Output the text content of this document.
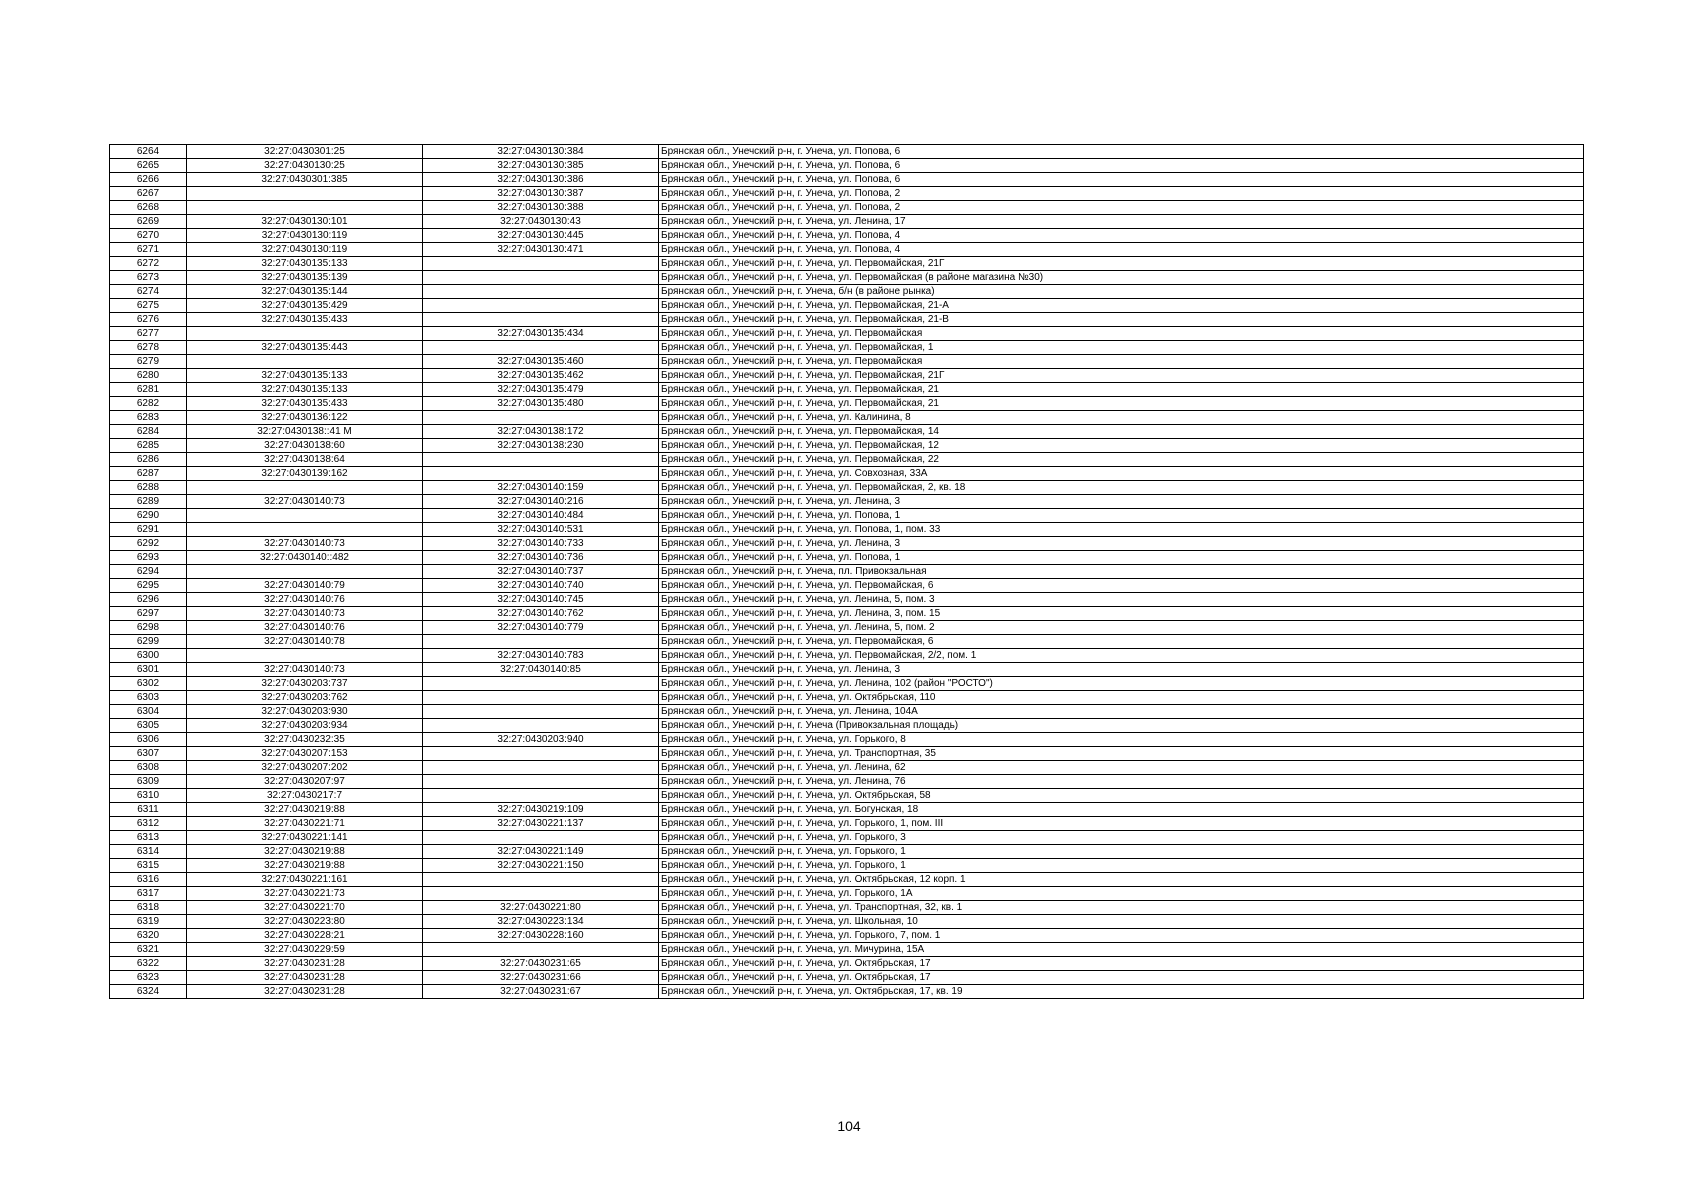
6264	32:27:0430301:25	32:27:0430130:384	Брянская обл., Унечский р-н, г. Унеча, ул. Попова, 6
6265	32:27:0430130:25	32:27:0430130:385	Брянская обл., Унечский р-н, г. Унеча, ул. Попова, 6
6266	32:27:0430301:385	32:27:0430130:386	Брянская обл., Унечский р-н, г. Унеча, ул. Попова, 6
6267		32:27:0430130:387	Брянская обл., Унечский р-н, г. Унеча, ул. Попова, 2
6268		32:27:0430130:388	Брянская обл., Унечский р-н, г. Унеча, ул. Попова, 2
6269	32:27:0430130:101	32:27:0430130:43	Брянская обл., Унечский р-н, г. Унеча, ул. Ленина, 17
6270	32:27:0430130:119	32:27:0430130:445	Брянская обл., Унечский р-н, г. Унеча, ул. Попова, 4
6271	32:27:0430130:119	32:27:0430130:471	Брянская обл., Унечский р-н, г. Унеча, ул. Попова, 4
6272	32:27:0430135:133		Брянская обл., Унечский р-н, г. Унеча, ул. Первомайская, 21Г
6273	32:27:0430135:139		Брянская обл., Унечский р-н, г. Унеча, ул. Первомайская (в районе магазина №30)
6274	32:27:0430135:144		Брянская обл., Унечский р-н, г. Унеча, б/н (в районе рынка)
6275	32:27:0430135:429		Брянская обл., Унечский р-н, г. Унеча, ул. Первомайская, 21-А
6276	32:27:0430135:433		Брянская обл., Унечский р-н, г. Унеча, ул. Первомайская, 21-В
6277		32:27:0430135:434	Брянская обл., Унечский р-н, г. Унеча, ул. Первомайская
6278	32:27:0430135:443		Брянская обл., Унечский р-н, г. Унеча, ул. Первомайская, 1
6279		32:27:0430135:460	Брянская обл., Унечский р-н, г. Унеча, ул. Первомайская
6280	32:27:0430135:133	32:27:0430135:462	Брянская обл., Унечский р-н, г. Унеча, ул. Первомайская, 21Г
6281	32:27:0430135:133	32:27:0430135:479	Брянская обл., Унечский р-н, г. Унеча, ул. Первомайская, 21
6282	32:27:0430135:433	32:27:0430135:480	Брянская обл., Унечский р-н, г. Унеча, ул. Первомайская, 21
6283	32:27:0430136:122		Брянская обл., Унечский р-н, г. Унеча, ул. Калинина, 8
6284	32:27:0430138::41 М	32:27:0430138:172	Брянская обл., Унечский р-н, г. Унеча, ул. Первомайская, 14
6285	32:27:0430138:60	32:27:0430138:230	Брянская обл., Унечский р-н, г. Унеча, ул. Первомайская, 12
6286	32:27:0430138:64		Брянская обл., Унечский р-н, г. Унеча, ул. Первомайская, 22
6287	32:27:0430139:162		Брянская обл., Унечский р-н, г. Унеча, ул. Совхозная, 33А
6288		32:27:0430140:159	Брянская обл., Унечский р-н, г. Унеча, ул. Первомайская, 2, кв. 18
6289	32:27:0430140:73	32:27:0430140:216	Брянская обл., Унечский р-н, г. Унеча, ул. Ленина, 3
6290		32:27:0430140:484	Брянская обл., Унечский р-н, г. Унеча, ул. Попова, 1
6291		32:27:0430140:531	Брянская обл., Унечский р-н, г. Унеча, ул. Попова, 1, пом. 33
6292	32:27:0430140:73	32:27:0430140:733	Брянская обл., Унечский р-н, г. Унеча, ул. Ленина, 3
6293	32:27:0430140::482	32:27:0430140:736	Брянская обл., Унечский р-н, г. Унеча, ул. Попова, 1
6294		32:27:0430140:737	Брянская обл., Унечский р-н, г. Унеча, пл. Привокзальная
6295	32:27:0430140:79	32:27:0430140:740	Брянская обл., Унечский р-н, г. Унеча, ул. Первомайская, 6
6296	32:27:0430140:76	32:27:0430140:745	Брянская обл., Унечский р-н, г. Унеча, ул. Ленина, 5, пом. 3
6297	32:27:0430140:73	32:27:0430140:762	Брянская обл., Унечский р-н, г. Унеча, ул. Ленина, 3, пом. 15
6298	32:27:0430140:76	32:27:0430140:779	Брянская обл., Унечский р-н, г. Унеча, ул. Ленина, 5, пом. 2
6299	32:27:0430140:78		Брянская обл., Унечский р-н, г. Унеча, ул. Первомайская, 6
6300		32:27:0430140:783	Брянская обл., Унечский р-н, г. Унеча, ул. Первомайская, 2/2, пом. 1
6301	32:27:0430140:73	32:27:0430140:85	Брянская обл., Унечский р-н, г. Унеча, ул. Ленина, 3
6302	32:27:0430203:737		Брянская обл., Унечский р-н, г. Унеча, ул. Ленина, 102 (район "РОСТО")
6303	32:27:0430203:762		Брянская обл., Унечский р-н, г. Унеча, ул. Октябрьская, 110
6304	32:27:0430203:930		Брянская обл., Унечский р-н, г. Унеча, ул. Ленина, 104А
6305	32:27:0430203:934		Брянская обл., Унечский р-н, г. Унеча (Привокзальная площадь)
6306	32:27:0430232:35	32:27:0430203:940	Брянская обл., Унечский р-н, г. Унеча, ул. Горького, 8
6307	32:27:0430207:153		Брянская обл., Унечский р-н, г. Унеча, ул. Транспортная, 35
6308	32:27:0430207:202		Брянская обл., Унечский р-н, г. Унеча, ул. Ленина, 62
6309	32:27:0430207:97		Брянская обл., Унечский р-н, г. Унеча, ул. Ленина, 76
6310	32:27:0430217:7		Брянская обл., Унечский р-н, г. Унеча, ул. Октябрьская, 58
6311	32:27:0430219:88	32:27:0430219:109	Брянская обл., Унечский р-н, г. Унеча, ул. Богунская, 18
6312	32:27:0430221:71	32:27:0430221:137	Брянская обл., Унечский р-н, г. Унеча, ул. Горького, 1, пом. III
6313	32:27:0430221:141		Брянская обл., Унечский р-н, г. Унеча, ул. Горького, 3
6314	32:27:0430219:88	32:27:0430221:149	Брянская обл., Унечский р-н, г. Унеча, ул. Горького, 1
6315	32:27:0430219:88	32:27:0430221:150	Брянская обл., Унечский р-н, г. Унеча, ул. Горького, 1
6316	32:27:0430221:161		Брянская обл., Унечский р-н, г. Унеча, ул. Октябрьская, 12 корп. 1
6317	32:27:0430221:73		Брянская обл., Унечский р-н, г. Унеча, ул. Горького, 1А
6318	32:27:0430221:70	32:27:0430221:80	Брянская обл., Унечский р-н, г. Унеча, ул. Транспортная, 32, кв. 1
6319	32:27:0430223:80	32:27:0430223:134	Брянская обл., Унечский р-н, г. Унеча, ул. Школьная, 10
6320	32:27:0430228:21	32:27:0430228:160	Брянская обл., Унечский р-н, г. Унеча, ул. Горького, 7, пом. 1
6321	32:27:0430229:59		Брянская обл., Унечский р-н, г. Унеча, ул. Мичурина, 15А
6322	32:27:0430231:28	32:27:0430231:65	Брянская обл., Унечский р-н, г. Унеча, ул. Октябрьская, 17
6323	32:27:0430231:28	32:27:0430231:66	Брянская обл., Унечский р-н, г. Унеча, ул. Октябрьская, 17
6324	32:27:0430231:28	32:27:0430231:67	Брянская обл., Унечский р-н, г. Унеча, ул. Октябрьская, 17, кв. 19
104
